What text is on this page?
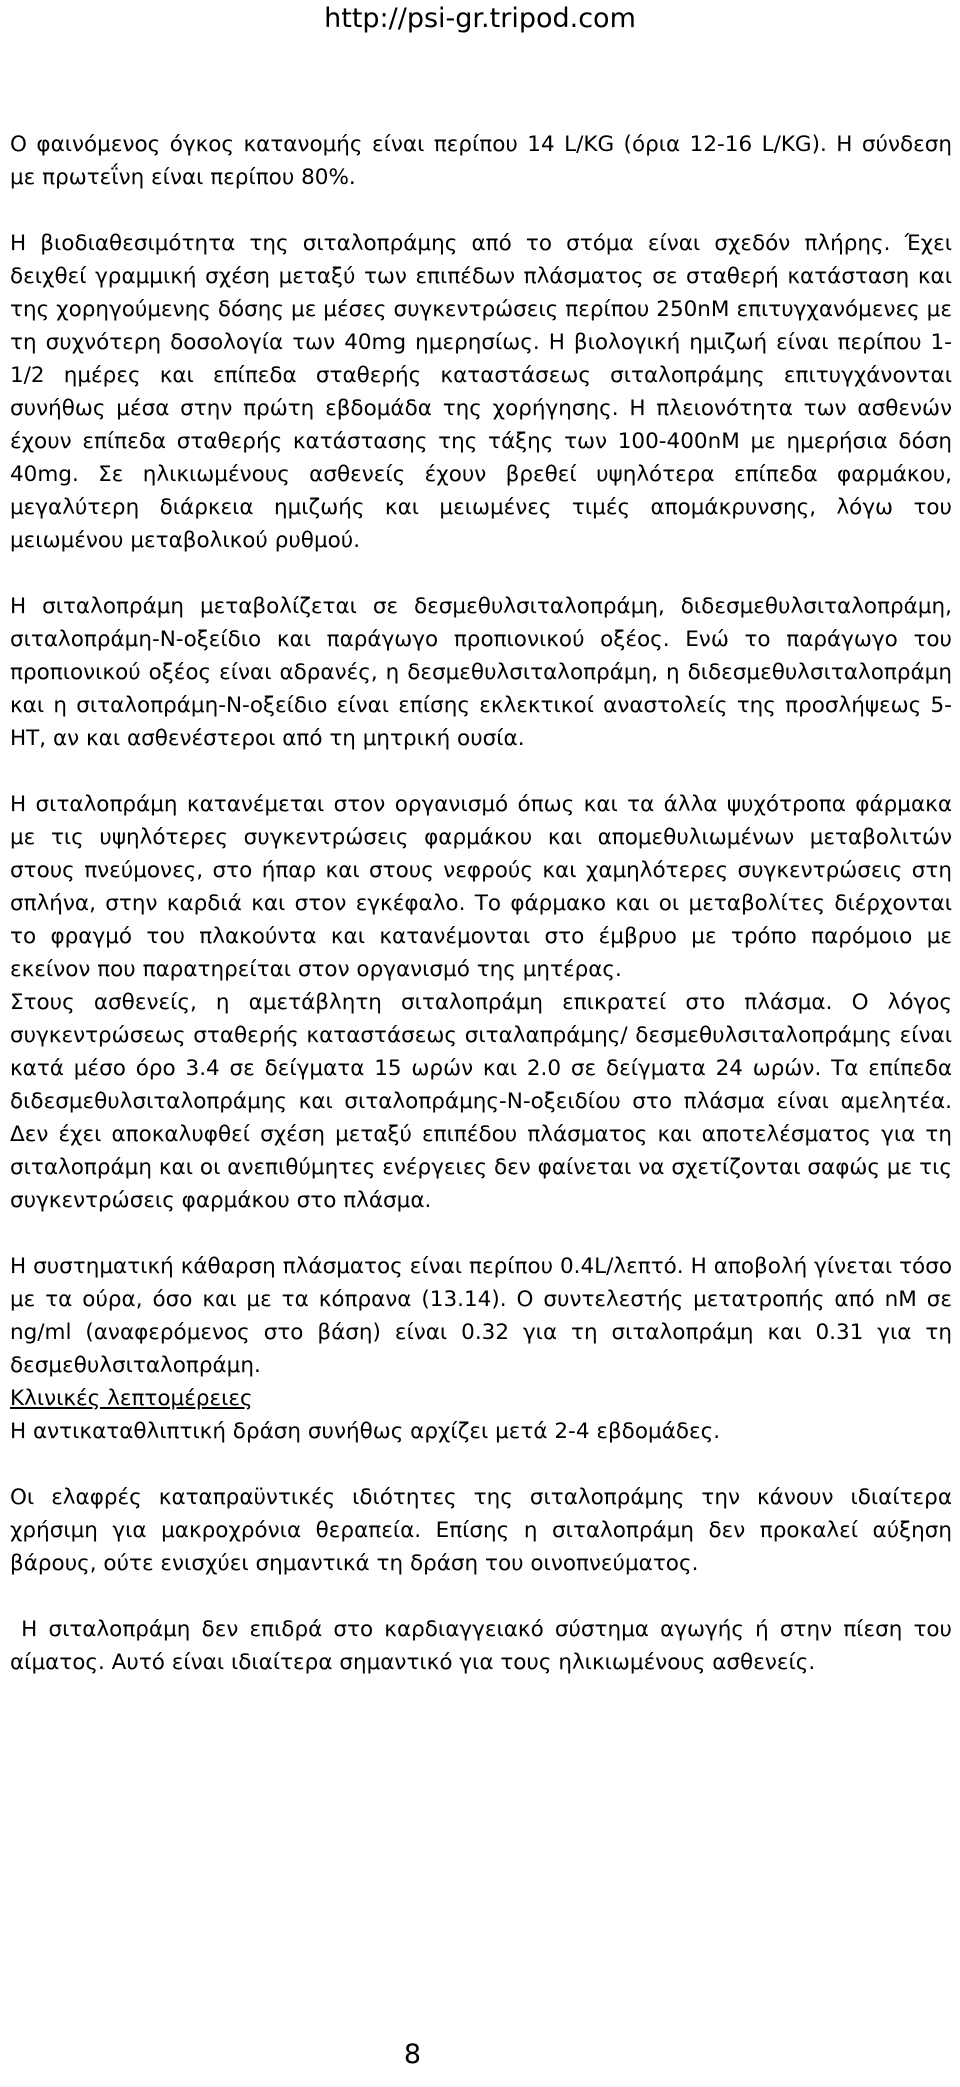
http://psi-gr.tripod.com

Ο φαινόμενος όγκος κατανομής είναι περίπου 14 L/KG (όρια 12-16 L/KG). Η σύνδεση με πρωτεΐνη είναι περίπου 80%.

Η βιοδιαθεσιμότητα της σιταλοπράμης από το στόμα είναι σχεδόν πλήρης. Έχει δειχθεί γραμμική σχέση μεταξύ των επιπέδων πλάσματος σε σταθερή κατάσταση και της χορηγούμενης δόσης με μέσες συγκεντρώσεις περίπου 250nM επιτυγχανόμενες με τη συχνότερη δοσολογία των 40mg ημερησίως. Η βιολογική ημιζωή είναι περίπου 1-1/2 ημέρες και επίπεδα σταθερής καταστάσεως σιταλοπράμης επιτυγχάνονται συνήθως μέσα στην πρώτη εβδομάδα της χορήγησης. Η πλειονότητα των ασθενών έχουν επίπεδα σταθερής κατάστασης της τάξης των 100-400nM με ημερήσια δόση 40mg. Σε ηλικιωμένους ασθενείς έχουν βρεθεί υψηλότερα επίπεδα φαρμάκου, μεγαλύτερη διάρκεια ημιζωής και μειωμένες τιμές απομάκρυνσης, λόγω του μειωμένου μεταβολικού ρυθμού.

Η σιταλοπράμη μεταβολίζεται σε δεσμεθυλσιταλοπράμη, διδεσμεθυλσιταλοπράμη, σιταλοπράμη-N-οξείδιο και παράγωγο προπιονικού οξέος. Ενώ το παράγωγο του προπιονικού οξέος είναι αδρανές, η δεσμεθυλσιταλοπράμη, η διδεσμεθυλσιταλοπράμη και η σιταλοπράμη-N-οξείδιο είναι επίσης εκλεκτικοί αναστολείς της προσλήψεως 5-HT, αν και ασθενέστεροι από τη μητρική ουσία.

Η σιταλοπράμη κατανέμεται στον οργανισμό όπως και τα άλλα ψυχότροπα φάρμακα με τις υψηλότερες συγκεντρώσεις φαρμάκου και απομεθυλιωμένων μεταβολιτών στους πνεύμονες, στο ήπαρ και στους νεφρούς και χαμηλότερες συγκεντρώσεις στη σπλήνα, στην καρδιά και στον εγκέφαλο. Το φάρμακο και οι μεταβολίτες διέρχονται το φραγμό του πλακούντα και κατανέμονται στο έμβρυο με τρόπο παρόμοιο με εκείνον που παρατηρείται στον οργανισμό της μητέρας.

Στους ασθενείς, η αμετάβλητη σιταλοπράμη επικρατεί στο πλάσμα. Ο λόγος συγκεντρώσεως σταθερής καταστάσεως σιταλαπράμης/ δεσμεθυλσιταλοπράμης είναι κατά μέσο όρο 3.4 σε δείγματα 15 ωρών και 2.0 σε δείγματα 24 ωρών. Τα επίπεδα διδεσμεθυλσιταλοπράμης και σιταλοπράμης-N-οξειδίου στο πλάσμα είναι αμελητέα. Δεν έχει αποκαλυφθεί σχέση μεταξύ επιπέδου πλάσματος και αποτελέσματος για τη σιταλοπράμη και οι ανεπιθύμητες ενέργειες δεν φαίνεται να σχετίζονται σαφώς με τις συγκεντρώσεις φαρμάκου στο πλάσμα.

Η συστηματική κάθαρση πλάσματος είναι περίπου 0.4L/λεπτό. Η αποβολή γίνεται τόσο με τα ούρα, όσο και με τα κόπρανα (13.14). Ο συντελεστής μετατροπής από nM σε ng/ml (αναφερόμενος στο βάση) είναι 0.32 για τη σιταλοπράμη και 0.31 για τη δεσμεθυλσιταλοπράμη.

Κλινικές λεπτομέρειες

Η αντικαταθλιπτική δράση συνήθως αρχίζει μετά 2-4 εβδομάδες.

Οι ελαφρές καταπραϋντικές ιδιότητες της σιταλοπράμης την κάνουν ιδιαίτερα χρήσιμη για μακροχρόνια θεραπεία. Επίσης η σιταλοπράμη δεν προκαλεί αύξηση βάρους, ούτε ενισχύει σημαντικά τη δράση του οινοπνεύματος.

Η σιταλοπράμη δεν επιδρά στο καρδιαγγειακό σύστημα αγωγής ή στην πίεση του αίματος. Αυτό είναι ιδιαίτερα σημαντικό για τους ηλικιωμένους ασθενείς.

8
